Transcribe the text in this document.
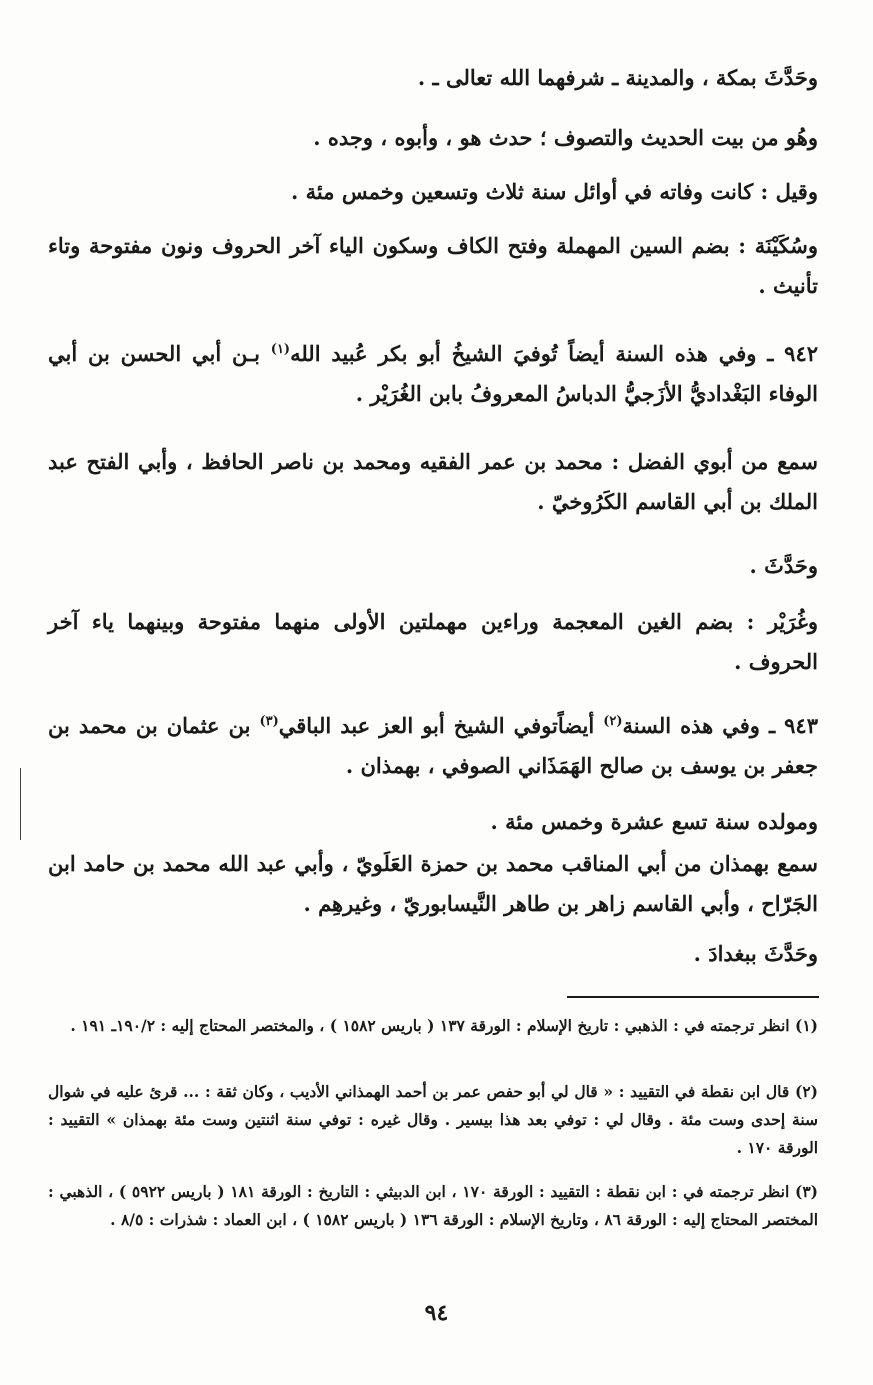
وحَدَّثَ بمكة ، والمدينة ـ شرفهما الله تعالى ـ .

وهُو من بيت الحديث والتصوف ؛ حدث هو ، وأبوه ، وجده .

وقيل : كانت وفاته في أوائل سنة ثلاث وتسعين وخمس مئة .

وسُكَيْنَة : بضم السين المهملة وفتح الكاف وسكون الياء آخر الحروف ونون مفتوحة وتاء تأنيث .

٩٤٢ ـ وفي هذه السنة أيضاً تُوفيَ الشيخُ أبو بكر عُبيد الله$^{(١)}$ بـن أبي الحسن بن أبي الوفاء البَغْداديُّ الأزَجيُّ الدباسُ المعروفُ بابن الغُرَيْر .

سمع من أبوي الفضل : محمد بن عمر الفقيه ومحمد بن ناصر الحافظ ، وأبي الفتح عبد الملك بن أبي القاسم الكَرُوخيّ .

وحَدَّثَ .

وغُرَيْر : بضم الغين المعجمة وراءين مهملتين الأولى منهما مفتوحة وبينهما ياء آخر الحروف .

٩٤٣ ـ وفي هذه السنة$^{(٢)}$ أيضاًتوفي الشيخ أبو العز عبد الباقي$^{(٣)}$ بن عثمان بن محمد بن جعفر بن يوسف بن صالح الهَمَذَاني الصوفي ، بهمذان .

ومولده سنة تسع عشرة وخمس مئة .

سمع بهمذان من أبي المناقب محمد بن حمزة العَلَويّ ، وأبي عبد الله محمد بن حامد ابن الجَرّاح ، وأبي القاسم زاهر بن طاهر النَّيسابوريّ ، وغيرهِم .

وحَدَّثَ ببغدادَ .

(١) انظر ترجمته في : الذهبي : تاريخ الإسلام : الورقة ١٣٧ ( باريس ١٥٨٢ ) ، والمختصر المحتاج إليه : ١٩٠/٢ـ ١٩١ .

(٢) قال ابن نقطة في التقييد : « قال لي أبو حفص عمر بن أحمد الهمذاني الأديب ، وكان ثقة : ... قرئ عليه في شوال سنة إحدى وست مئة . وقال لي : توفي بعد هذا بيسير . وقال غيره : توفي سنة اثنتين وست مئة بهمذان » التقييد : الورقة ١٧٠ .

(٣) انظر ترجمته في : ابن نقطة : التقييد : الورقة ١٧٠ ، ابن الدبيثي : التاريخ : الورقة ١٨١ ( باريس ٥٩٢٢ ) ، الذهبي : المختصر المحتاج إليه : الورقة ٨٦ ، وتاريخ الإسلام : الورقة ١٣٦ ( باريس ١٥٨٢ ) ، ابن العماد : شذرات : ٨/٥ .

٩٤
